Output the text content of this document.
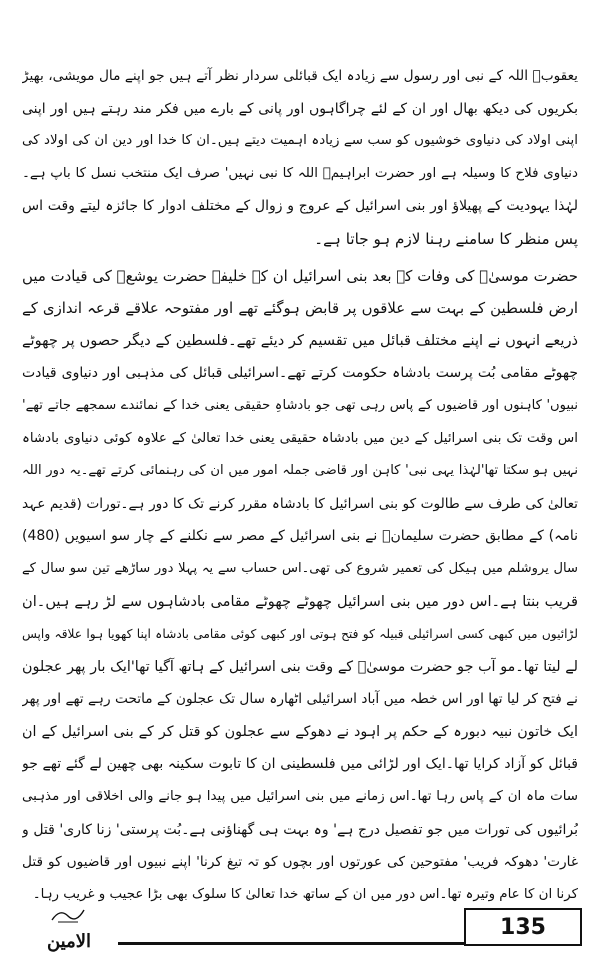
یعقوبؑ اللہ کے نبی اور رسول سے زیادہ ایک قبائلی سردار نظر آتے ہیں جو اپنے مال مویشی، بھیڑ
بکریوں کی دیکھ بھال اور ان کے لئے چراگاہوں اور پانی کے بارے میں فکر مند رہتے ہیں اور اپنی
اپنی اولاد کی دنیاوی خوشیوں کو سب سے زیادہ اہمیت دیتے ہیں۔ان کا خدا اور دین ان کی اولاد کی
دنیاوی فلاح کا وسیلہ ہے اور حضرت ابراہیمؑ اللہ کا نبی نہیں' صرف ایک منتخب نسل کا باپ ہے۔
لہٰذا یہودیت کے پھیلاؤ اور بنی اسرائیل کے عروج و زوال کے مختلف ادوار کا جائزہ لیتے وقت اس
پس منظر کا سامنے رہنا لازم ہو جاتا ہے۔
حضرت موسیٰؑ کی وفات کے بعد بنی اسرائیل ان کے خلیفہ حضرت یوشعؑ کی قیادت میں
ارض فلسطین کے بہت سے علاقوں پر قابض ہوگئے تھے اور مفتوحہ علاقے قرعہ اندازی کے
ذریعے انہوں نے اپنے مختلف قبائل میں تقسیم کر دیئے تھے۔فلسطین کے دیگر حصوں پر چھوٹے
چھوٹے مقامی بُت پرست بادشاہ حکومت کرتے تھے۔اسرائیلی قبائل کی مذہبی اور دنیاوی قیادت
نبیوں' کاہنوں اور قاضیوں کے پاس رہی تھی جو بادشاہِ حقیقی یعنی خدا کے نمائندے سمجھے جاتے تھے'
اس وقت تک بنی اسرائیل کے دین میں بادشاہ حقیقی یعنی خدا تعالیٰ کے علاوہ کوئی دنیاوی بادشاہ
نہیں ہو سکتا تھا'لہٰذا یہی نبی' کاہن اور قاضی جملہ امور میں ان کی رہنمائی کرتے تھے۔یہ دور اللہ
تعالیٰ کی طرف سے طالوت کو بنی اسرائیل کا بادشاہ مقرر کرنے تک کا دور ہے۔تورات (قدیم عہد
نامہ) کے مطابق حضرت سلیمانؑ نے بنی اسرائیل کے مصر سے نکلنے کے چار سو اسیویں (480)
سال یروشلم میں ہیکل کی تعمیر شروع کی تھی۔اس حساب سے یہ پہلا دور ساڑھے تین سو سال کے
قریب بنتا ہے۔اس دور میں بنی اسرائیل چھوٹے چھوٹے مقامی بادشاہوں سے لڑ رہے ہیں۔ان
لڑائیوں میں کبھی کسی اسرائیلی قبیلہ کو فتح ہوتی اور کبھی کوئی مقامی بادشاہ اپنا کھویا ہوا علاقہ واپس
لے لیتا تھا۔مو آب جو حضرت موسیٰؑ کے وقت بنی اسرائیل کے ہاتھ آگیا تھا'ایک بار پھر عجلون
نے فتح کر لیا تھا اور اس خطہ میں آباد اسرائیلی اٹھارہ سال تک عجلون کے ماتحت رہے تھے اور پھر
ایک خاتون نبیہ دبورہ کے حکم پر اہود نے دھوکے سے عجلون کو قتل کر کے بنی اسرائیل کے ان
قبائل کو آزاد کرایا تھا۔ایک اور لڑائی میں فلسطینی ان کا تابوت سکینہ بھی چھین لے گئے تھے جو
سات ماہ ان کے پاس رہا تھا۔اس زمانے میں بنی اسرائیل میں پیدا ہو جانے والی اخلاقی اور مذہبی
بُرائیوں کی تورات میں جو تفصیل درج ہے' وہ بہت ہی گھناؤنی ہے۔بُت پرستی' زنا کاری' قتل و
غارت' دھوکہ فریب' مفتوحین کی عورتوں اور بچوں کو تہ تیغ کرنا' اپنے نبیوں اور قاضیوں کو قتل
کرنا ان کا عام وتیرہ تھا۔اس دور میں ان کے ساتھ خدا تعالیٰ کا سلوک بھی بڑا عجیب و غریب رہا۔
الامین
135
